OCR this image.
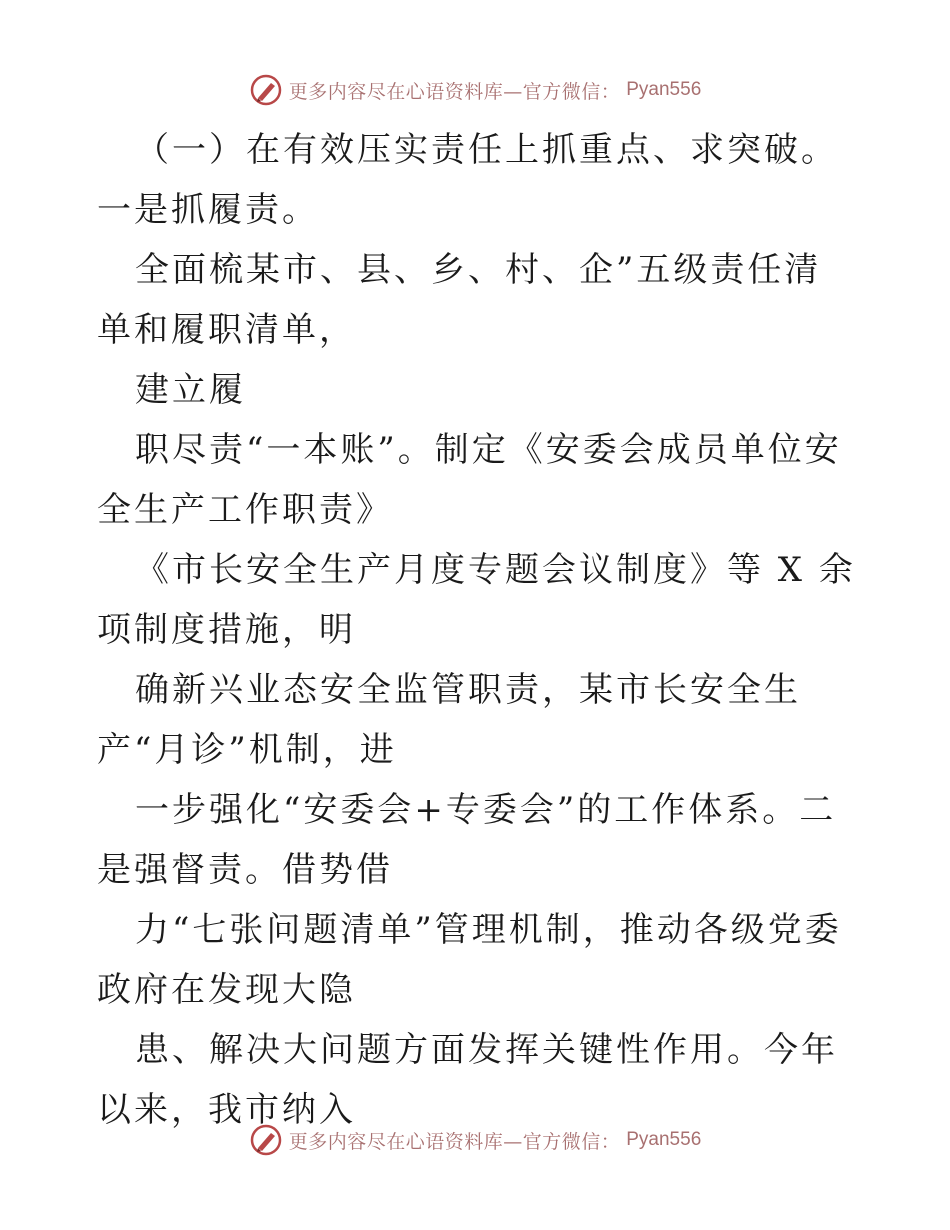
更多内容尽在心语资料库—官方微信： Pyan556

（一）在有效压实责任上抓重点、求突破。一是抓履责。

全面梳某市、县、乡、村、企”五级责任清单和履职清单，

建立履

职尽责“一本账”。制定《安委会成员单位安全生产工作职责》

《市长安全生产月度专题会议制度》等 X 余项制度措施，明

确新兴业态安全监管职责，某市长安全生产“月诊”机制，进

一步强化“安委会+专委会”的工作体系。二是强督责。借势借

力“七张问题清单”管理机制，推动各级党委政府在发现大隐

患、解决大问题方面发挥关键性作用。今年以来，我市纳入

更多内容尽在心语资料库—官方微信： Pyan556
